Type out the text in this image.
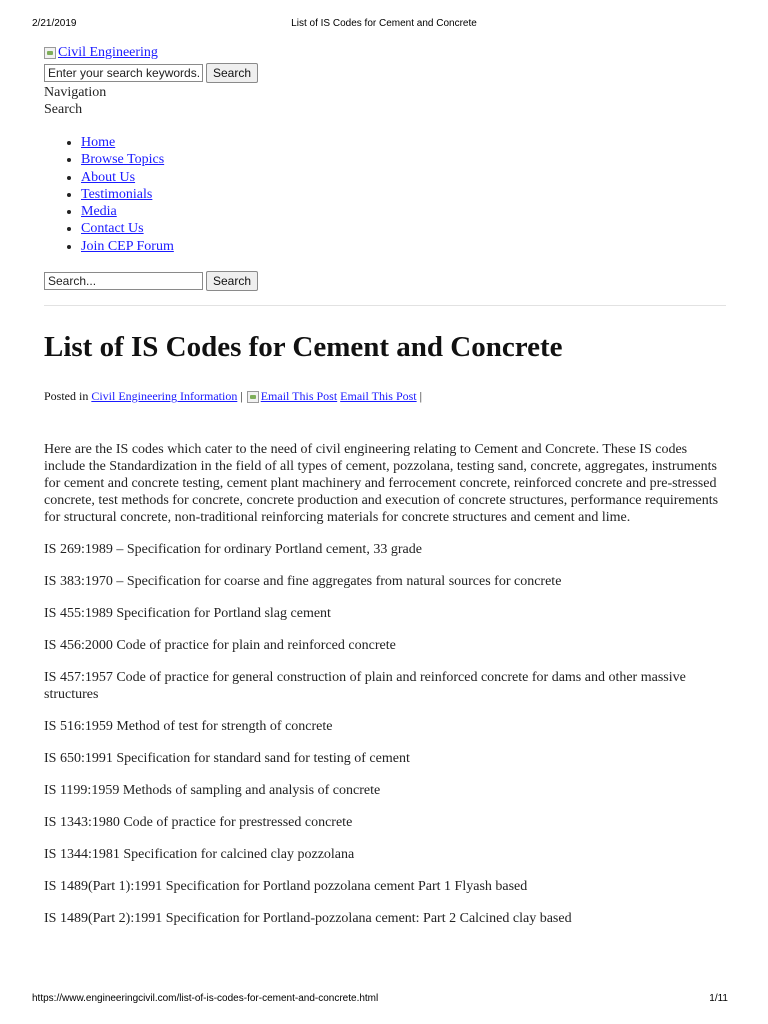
2/21/2019	List of IS Codes for Cement and Concrete
Civil Engineering
Enter your search keywords...
Search
Navigation
Search
• Home
• Browse Topics
• About Us
• Testimonials
• Media
• Contact Us
• Join CEP Forum
Search...
Search
List of IS Codes for Cement and Concrete
Posted in
Civil Engineering Information
| Email This Post
Email This Post
|
Here are the IS codes which cater to the need of civil engineering relating to Cement and Concrete. These IS codes include the Standardization in the field of all types of cement, pozzolana, testing sand, concrete, aggregates, instruments for cement and concrete testing, cement plant machinery and ferrocement concrete, reinforced concrete and pre-stressed concrete, test methods for concrete, concrete production and execution of concrete structures, performance requirements for structural concrete, non-traditional reinforcing materials for concrete structures and cement and lime.

IS 269:1989 – Specification for ordinary Portland cement, 33 grade

IS 383:1970 – Specification for coarse and fine aggregates from natural sources for concrete

IS 455:1989 Specification for Portland slag cement

IS 456:2000 Code of practice for plain and reinforced concrete

IS 457:1957 Code of practice for general construction of plain and reinforced concrete for dams and other massive structures

IS 516:1959 Method of test for strength of concrete

IS 650:1991 Specification for standard sand for testing of cement

IS 1199:1959 Methods of sampling and analysis of concrete

IS 1343:1980 Code of practice for prestressed concrete

IS 1344:1981 Specification for calcined clay pozzolana

IS 1489(Part 1):1991 Specification for Portland pozzolana cement Part 1 Flyash based

IS 1489(Part 2):1991 Specification for Portland-pozzolana cement: Part 2 Calcined clay based

https://www.engineeringcivil.com/list-of-is-codes-for-cement-and-concrete.html	1/11
